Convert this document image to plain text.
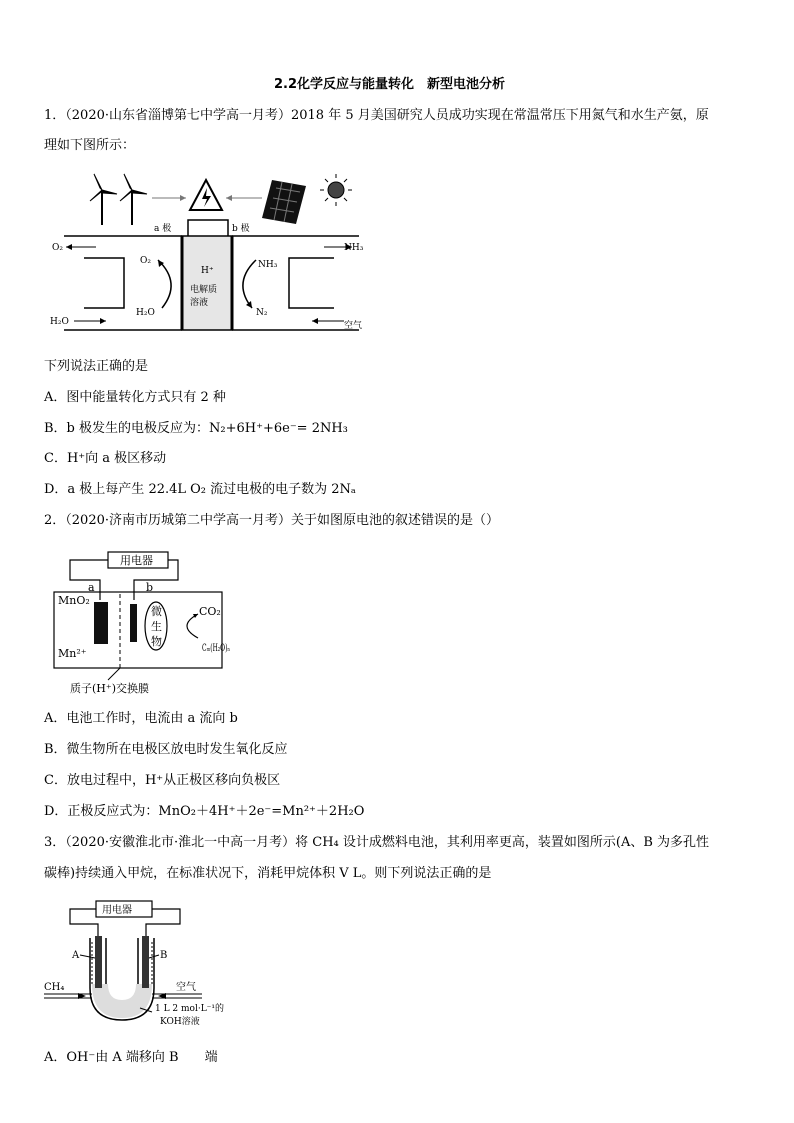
2.2化学反应与能量转化　新型电池分析
1．（2020·山东省淄博第七中学高一月考）2018 年 5 月美国研究人员成功实现在常温常压下用氮气和水生产氨，原
理如下图所示：
a 极	b 极
H⁺
电解质
溶液
O₂	NH₃
O₂
H₂O
NH₃
N₂
H₂O	空气
下列说法正确的是
A．图中能量转化方式只有 2 种
B．b 极发生的电极反应为：N₂+6H⁺+6e⁻= 2NH₃
C．H⁺向 a 极区移动
D．a 极上每产生 22.4L O₂ 流过电极的电子数为 2Nₐ
2．（2020·济南市历城第二中学高一月考）关于如图原电池的叙述错误的是（）
用电器
a	b
微
生
物
CO₂
Cₘ(H₂O)ₙ
MnO₂
Mn²⁺
质子(H⁺)交换膜
A．电池工作时，电流由 a 流向 b
B．微生物所在电极区放电时发生氧化反应
C．放电过程中，H⁺从正极区移向负极区
D．正极反应式为：MnO₂＋4H⁺＋2e⁻=Mn²⁺＋2H₂O
3．（2020·安徽淮北市·淮北一中高一月考）将 CH₄ 设计成燃料电池，其利用率更高，装置如图所示(A、B 为多孔性
碳棒)持续通入甲烷，在标准状况下，消耗甲烷体积 V L。则下列说法正确的是
用电器
A	B
CH₄	空气
1 L 2 mol·L⁻¹的
KOH溶液
A．OH⁻由 A 端移向 B　　端
